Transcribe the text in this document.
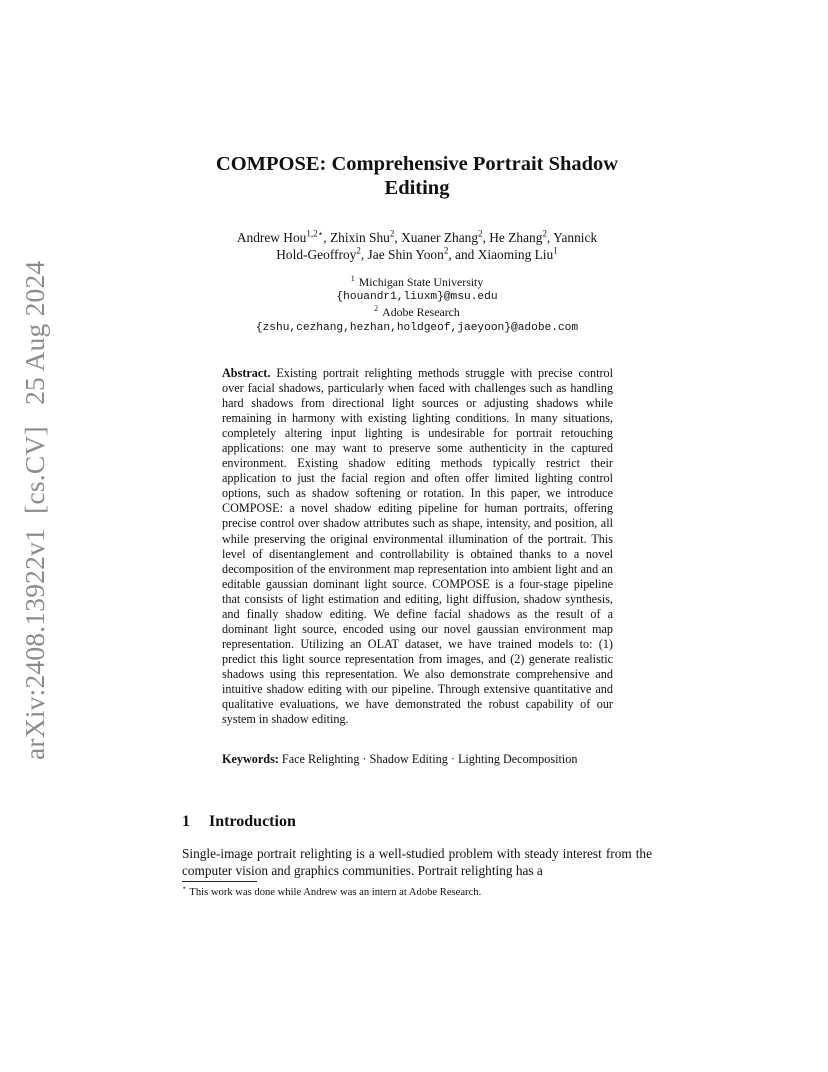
arXiv:2408.13922v1  [cs.CV]   25 Aug 2024
COMPOSE: Comprehensive Portrait Shadow Editing
Andrew Hou$^{1,2⋆}$, Zhixin Shu$^2$, Xuaner Zhang$^2$, He Zhang$^2$, Yannick
Hold-Geoffroy$^2$, Jae Shin Yoon$^2$, and Xiaoming Liu$^1$
$^1$ Michigan State University
{houandr1,liuxm}@msu.edu
$^2$ Adobe Research
{zshu,cezhang,hezhan,holdgeof,jaeyoon}@adobe.com
Abstract. Existing portrait relighting methods struggle with precise control over facial shadows, particularly when faced with challenges such as handling hard shadows from directional light sources or adjusting shadows while remaining in harmony with existing lighting conditions. In many situations, completely altering input lighting is undesirable for portrait retouching applications: one may want to preserve some authenticity in the captured environment. Existing shadow editing methods typically restrict their application to just the facial region and often offer limited lighting control options, such as shadow softening or rotation. In this paper, we introduce COMPOSE: a novel shadow editing pipeline for human portraits, offering precise control over shadow attributes such as shape, intensity, and position, all while preserving the original environmental illumination of the portrait. This level of disentanglement and controllability is obtained thanks to a novel decomposition of the environment map representation into ambient light and an editable gaussian dominant light source. COMPOSE is a four-stage pipeline that consists of light estimation and editing, light diffusion, shadow synthesis, and finally shadow editing. We define facial shadows as the result of a dominant light source, encoded using our novel gaussian environment map representation. Utilizing an OLAT dataset, we have trained models to: (1) predict this light source representation from images, and (2) generate realistic shadows using this representation. We also demonstrate comprehensive and intuitive shadow editing with our pipeline. Through extensive quantitative and qualitative evaluations, we have demonstrated the robust capability of our system in shadow editing.
Keywords: Face Relighting · Shadow Editing · Lighting Decomposition
1 Introduction
Single-image portrait relighting is a well-studied problem with steady interest from the computer vision and graphics communities. Portrait relighting has a
⋆ This work was done while Andrew was an intern at Adobe Research.
